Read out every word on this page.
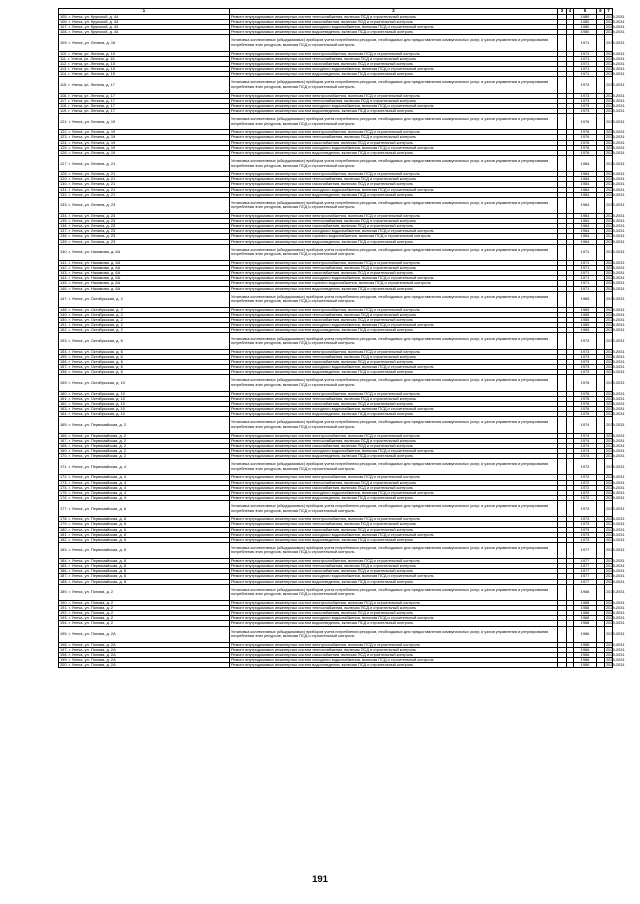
1	2	3	4	5	6	7
105. г. Унеча, ул. Крупской, д. 44	Ремонт внутридомовых инженерных систем теплоснабжения, включая ПСД и строительный контроль			1980		2029-2031
106. г. Унеча, ул. Крупской, д. 44	Ремонт внутридомовых инженерных систем газоснабжения, включая ПСД и строительный контроль			1980		2029-2031
107. г. Унеча, ул. Крупской, д. 44	Ремонт внутридомовых инженерных систем холодного водоснабжения, включая ПСД и строительный контроль			1980		2029-2031
108. г. Унеча, ул. Крупской, д. 44	Ремонт внутридомовых инженерных систем водоотведения, включая ПСД и строительный контроль			1980		2029-2031
109. г. Унеча, ул. Ленина, д. 15	Установка коллективных (общедомовых) приборов учета потребления ресурсов, необходимых для предоставления коммунальных услуг, и узлов управления и регулирования потребления этих ресурсов, включая ПСД и строительный контроль			1971		2029-2031
110. г. Унеча, ул. Ленина, д. 15	Ремонт внутридомовых инженерных систем электроснабжения, включая ПСД и строительный контроль			1971		2029-2031
111. г. Унеча, ул. Ленина, д. 15	Ремонт внутридомовых инженерных систем теплоснабжения, включая ПСД и строительный контроль			1971		2029-2031
112. г. Унеча, ул. Ленина, д. 15	Ремонт внутридомовых инженерных систем газоснабжения, включая ПСД и строительный контроль			1971		2029-2031
113. г. Унеча, ул. Ленина, д. 15	Ремонт внутридомовых инженерных систем холодного водоснабжения, включая ПСД и строительный контроль			1971		2029-2031
114. г. Унеча, ул. Ленина, д. 15	Ремонт внутридомовых инженерных систем водоотведения, включая ПСД и строительный контроль			1971		2029-2031
115. г. Унеча, ул. Ленина, д. 17	Установка коллективных (общедомовых) приборов учета потребления ресурсов, необходимых для предоставления коммунальных услуг, и узлов управления и регулирования потребления этих ресурсов, включая ПСД и строительный контроль			1973		2029-2031
116. г. Унеча, ул. Ленина, д. 17	Ремонт внутридомовых инженерных систем электроснабжения, включая ПСД и строительный контроль			1973		2029-2031
117. г. Унеча, ул. Ленина, д. 17	Ремонт внутридомовых инженерных систем теплоснабжения, включая ПСД и строительный контроль			1973		2029-2031
118. г. Унеча, ул. Ленина, д. 17	Ремонт внутридомовых инженерных систем холодного водоснабжения, включая ПСД и строительный контроль			1973		2029-2031
119. г. Унеча, ул. Ленина, д. 17	Ремонт внутридомовых инженерных систем водоотведения, включая ПСД и строительный контроль			1973		2029-2031
121. г. Унеча, ул. Ленина, д. 19	Установка коллективных (общедомовых) приборов учета потребления ресурсов, необходимых для предоставления коммунальных услуг, и узлов управления и регулирования потребления этих ресурсов, включая ПСД и строительный контроль			1976		2029-2031
122. г. Унеча, ул. Ленина, д. 19	Ремонт внутридомовых инженерных систем электроснабжения, включая ПСД и строительный контроль			1976		2029-2031
123. г. Унеча, ул. Ленина, д. 19	Ремонт внутридомовых инженерных систем теплоснабжения, включая ПСД и строительный контроль			1976		2029-2031
124. г. Унеча, ул. Ленина, д. 19	Ремонт внутридомовых инженерных систем газоснабжения, включая ПСД и строительный контроль			1976		2029-2031
125. г. Унеча, ул. Ленина, д. 19	Ремонт внутридомовых инженерных систем холодного водоснабжения, включая ПСД и строительный контроль			1976		2029-2031
126. г. Унеча, ул. Ленина, д. 19	Ремонт внутридомовых инженерных систем водоотведения, включая ПСД и строительный контроль			1976		2029-2031
127. г. Унеча, ул. Ленина, д. 21	Установка коллективных (общедомовых) приборов учета потребления ресурсов, необходимых для предоставления коммунальных услуг, и узлов управления и регулирования потребления этих ресурсов, включая ПСД и строительный контроль			1984		2029-2031
128. г. Унеча, ул. Ленина, д. 21	Ремонт внутридомовых инженерных систем электроснабжения, включая ПСД и строительный контроль			1984		2029-2031
129. г. Унеча, ул. Ленина, д. 21	Ремонт внутридомовых инженерных систем теплоснабжения, включая ПСД и строительный контроль			1984		2029-2031
130. г. Унеча, ул. Ленина, д. 21	Ремонт внутридомовых инженерных систем газоснабжения, включая ПСД и строительный контроль			1984		2029-2031
131. г. Унеча, ул. Ленина, д. 21	Ремонт внутридомовых инженерных систем холодного водоснабжения, включая ПСД и строительный контроль			1984		2029-2031
132. г. Унеча, ул. Ленина, д. 21	Ремонт внутридомовых инженерных систем водоотведения, включая ПСД и строительный контроль			1984		2029-2031
133. г. Унеча, ул. Ленина, д. 23	Установка коллективных (общедомовых) приборов учета потребления ресурсов, необходимых для предоставления коммунальных услуг, и узлов управления и регулирования потребления этих ресурсов, включая ПСД и строительный контроль			1964		2029-2031
134. г. Унеча, ул. Ленина, д. 23	Ремонт внутридомовых инженерных систем электроснабжения, включая ПСД и строительный контроль			1964		2029-2031
135. г. Унеча, ул. Ленина, д. 23	Ремонт внутридомовых инженерных систем теплоснабжения, включая ПСД и строительный контроль			1964		2029-2031
136. г. Унеча, ул. Ленина, д. 23	Ремонт внутридомовых инженерных систем газоснабжения, включая ПСД и строительный контроль			1964		2029-2031
137. г. Унеча, ул. Ленина, д. 23	Ремонт внутридомовых инженерных систем холодного водоснабжения, включая ПСД и строительный контроль			1964		2029-2031
138. г. Унеча, ул. Ленина, д. 23	Ремонт внутридомовых инженерных систем горячего водоснабжения, включая ПСД и строительный контроль			1964		2029-2031
139. г. Унеча, ул. Ленина, д. 23	Ремонт внутридомовых инженерных систем водоотведения, включая ПСД и строительный контроль			1964		2029-2031
140. г. Унеча, ул. Назимова, д. 6А	Установка коллективных (общедомовых) приборов учета потребления ресурсов, необходимых для предоставления коммунальных услуг, и узлов управления и регулирования потребления этих ресурсов, включая ПСД и строительный контроль			1971		2029-2031
141. г. Унеча, ул. Назимова, д. 6А	Ремонт внутридомовых инженерных систем электроснабжения, включая ПСД и строительный контроль			1971		2029-2031
142. г. Унеча, ул. Назимова, д. 6А	Ремонт внутридомовых инженерных систем теплоснабжения, включая ПСД и строительный контроль			1971		2029-2031
143. г. Унеча, ул. Назимова, д. 6А	Ремонт внутридомовых инженерных систем газоснабжения, включая ПСД и строительный контроль			1971		2029-2031
144. г. Унеча, ул. Назимова, д. 6А	Ремонт внутридомовых инженерных систем холодного водоснабжения, включая ПСД и строительный контроль			1971		2029-2031
145. г. Унеча, ул. Назимова, д. 6А	Ремонт внутридомовых инженерных систем горячего водоснабжения, включая ПСД и строительный контроль			1971		2029-2031
146. г. Унеча, ул. Назимова, д. 6А	Ремонт внутридомовых инженерных систем водоотведения, включая ПСД и строительный контроль			1971		2029-2031
147. г. Унеча, ул. Октябрьская, д. 2	Установка коллективных (общедомовых) приборов учета потребления ресурсов, необходимых для предоставления коммунальных услуг, и узлов управления и регулирования потребления этих ресурсов, включая ПСД и строительный контроль			1965		2029-2031
148. г. Унеча, ул. Октябрьская, д. 2	Ремонт внутридомовых инженерных систем электроснабжения, включая ПСД и строительный контроль			1965		2029-2031
149. г. Унеча, ул. Октябрьская, д. 2	Ремонт внутридомовых инженерных систем теплоснабжения, включая ПСД и строительный контроль			1965		2029-2031
150. г. Унеча, ул. Октябрьская, д. 2	Ремонт внутридомовых инженерных систем газоснабжения, включая ПСД и строительный контроль			1965		2029-2031
151. г. Унеча, ул. Октябрьская, д. 2	Ремонт внутридомовых инженерных систем холодного водоснабжения, включая ПСД и строительный контроль			1965		2029-2031
152. г. Унеча, ул. Октябрьская, д. 2	Ремонт внутридомовых инженерных систем водоотведения, включая ПСД и строительный контроль			1965		2029-2031
153. г. Унеча, ул. Октябрьская, д. 6	Установка коллективных (общедомовых) приборов учета потребления ресурсов, необходимых для предоставления коммунальных услуг, и узлов управления и регулирования потребления этих ресурсов, включая ПСД и строительный контроль			1973		2029-2031
154. г. Унеча, ул. Октябрьская, д. 6	Ремонт внутридомовых инженерных систем электроснабжения, включая ПСД и строительный контроль			1973		2029-2031
155. г. Унеча, ул. Октябрьская, д. 6	Ремонт внутридомовых инженерных систем теплоснабжения, включая ПСД и строительный контроль			1973		2029-2031
156. г. Унеча, ул. Октябрьская, д. 6	Ремонт внутридомовых инженерных систем газоснабжения, включая ПСД и строительный контроль			1973		2029-2031
157. г. Унеча, ул. Октябрьская, д. 6	Ремонт внутридомовых инженерных систем холодного водоснабжения, включая ПСД и строительный контроль			1973		2029-2031
158. г. Унеча, ул. Октябрьская, д. 6	Ремонт внутридомовых инженерных систем водоотведения, включая ПСД и строительный контроль			1973		2029-2031
159. г. Унеча, ул. Октябрьская, д. 10	Установка коллективных (общедомовых) приборов учета потребления ресурсов, необходимых для предоставления коммунальных услуг, и узлов управления и регулирования потребления этих ресурсов, включая ПСД и строительный контроль			1976		2029-2031
160. г. Унеча, ул. Октябрьская, д. 10	Ремонт внутридомовых инженерных систем электроснабжения, включая ПСД и строительный контроль			1976		2029-2031
161. г. Унеча, ул. Октябрьская, д. 10	Ремонт внутридомовых инженерных систем теплоснабжения, включая ПСД и строительный контроль			1976		2029-2031
162. г. Унеча, ул. Октябрьская, д. 10	Ремонт внутридомовых инженерных систем газоснабжения, включая ПСД и строительный контроль			1976		2029-2031
163. г. Унеча, ул. Октябрьская, д. 10	Ремонт внутридомовых инженерных систем холодного водоснабжения, включая ПСД и строительный контроль			1976		2029-2031
164. г. Унеча, ул. Октябрьская, д. 10	Ремонт внутридомовых инженерных систем водоотведения, включая ПСД и строительный контроль			1976		2029-2031
165. г. Унеча, ул. Первомайская, д. 2	Установка коллективных (общедомовых) приборов учета потребления ресурсов, необходимых для предоставления коммунальных услуг, и узлов управления и регулирования потребления этих ресурсов, включая ПСД и строительный контроль			1974		2029-2031
166. г. Унеча, ул. Первомайская, д. 2	Ремонт внутридомовых инженерных систем электроснабжения, включая ПСД и строительный контроль			1974		2029-2031
167. г. Унеча, ул. Первомайская, д. 2	Ремонт внутридомовых инженерных систем теплоснабжения, включая ПСД и строительный контроль			1974		2029-2031
168. г. Унеча, ул. Первомайская, д. 2	Ремонт внутридомовых инженерных систем газоснабжения, включая ПСД и строительный контроль			1974		2029-2031
169. г. Унеча, ул. Первомайская, д. 2	Ремонт внутридомовых инженерных систем холодного водоснабжения, включая ПСД и строительный контроль			1974		2029-2031
170. г. Унеча, ул. Первомайская, д. 2	Ремонт внутридомовых инженерных систем водоотведения, включая ПСД и строительный контроль			1974		2029-2031
171. г. Унеча, ул. Первомайская, д. 4	Установка коллективных (общедомовых) приборов учета потребления ресурсов, необходимых для предоставления коммунальных услуг, и узлов управления и регулирования потребления этих ресурсов, включая ПСД и строительный контроль			1972		2029-2031
172. г. Унеча, ул. Первомайская, д. 4	Ремонт внутридомовых инженерных систем электроснабжения, включая ПСД и строительный контроль			1972		2029-2031
173. г. Унеча, ул. Первомайская, д. 4	Ремонт внутридомовых инженерных систем теплоснабжения, включая ПСД и строительный контроль			1972		2029-2031
174. г. Унеча, ул. Первомайская, д. 4	Ремонт внутридомовых инженерных систем газоснабжения, включая ПСД и строительный контроль			1972		2029-2031
175. г. Унеча, ул. Первомайская, д. 4	Ремонт внутридомовых инженерных систем холодного водоснабжения, включая ПСД и строительный контроль			1972		2029-2031
176. г. Унеча, ул. Первомайская, д. 4	Ремонт внутридомовых инженерных систем водоотведения, включая ПСД и строительный контроль			1972		2029-2031
177. г. Унеча, ул. Первомайская, д. 6	Установка коллективных (общедомовых) приборов учета потребления ресурсов, необходимых для предоставления коммунальных услуг, и узлов управления и регулирования потребления этих ресурсов, включая ПСД и строительный контроль			1973		2029-2031
178. г. Унеча, ул. Первомайская, д. 6	Ремонт внутридомовых инженерных систем электроснабжения, включая ПСД и строительный контроль			1973		2029-2031
179. г. Унеча, ул. Первомайская, д. 6	Ремонт внутридомовых инженерных систем теплоснабжения, включая ПСД и строительный контроль			1973		2029-2031
180. г. Унеча, ул. Первомайская, д. 6	Ремонт внутридомовых инженерных систем газоснабжения, включая ПСД и строительный контроль			1973		2029-2031
181. г. Унеча, ул. Первомайская, д. 6	Ремонт внутридомовых инженерных систем холодного водоснабжения, включая ПСД и строительный контроль			1973		2029-2031
182. г. Унеча, ул. Первомайская, д. 6	Ремонт внутридомовых инженерных систем водоотведения, включая ПСД и строительный контроль			1973		2029-2031
183. г. Унеча, ул. Первомайская, д. 8	Установка коллективных (общедомовых) приборов учета потребления ресурсов, необходимых для предоставления коммунальных услуг, и узлов управления и регулирования потребления этих ресурсов, включая ПСД и строительный контроль			1977		2029-2031
184. г. Унеча, ул. Первомайская, д. 8	Ремонт внутридомовых инженерных систем электроснабжения, включая ПСД и строительный контроль			1977		2029-2031
185. г. Унеча, ул. Первомайская, д. 8	Ремонт внутридомовых инженерных систем теплоснабжения, включая ПСД и строительный контроль			1977		2029-2031
186. г. Унеча, ул. Первомайская, д. 8	Ремонт внутридомовых инженерных систем газоснабжения, включая ПСД и строительный контроль			1977		2029-2031
187. г. Унеча, ул. Первомайская, д. 8	Ремонт внутридомовых инженерных систем холодного водоснабжения, включая ПСД и строительный контроль			1977		2029-2031
188. г. Унеча, ул. Первомайская, д. 8	Ремонт внутридомовых инженерных систем водоотведения, включая ПСД и строительный контроль			1977		2029-2031
189. г. Унеча, ул. Попова, д. 2	Установка коллективных (общедомовых) приборов учета потребления ресурсов, необходимых для предоставления коммунальных услуг, и узлов управления и регулирования потребления этих ресурсов, включая ПСД и строительный контроль			1968		2029-2031
190. г. Унеча, ул. Попова, д. 2	Ремонт внутридомовых инженерных систем электроснабжения, включая ПСД и строительный контроль			1968		2029-2031
191. г. Унеча, ул. Попова, д. 2	Ремонт внутридомовых инженерных систем теплоснабжения, включая ПСД и строительный контроль			1968		2029-2031
192. г. Унеча, ул. Попова, д. 2	Ремонт внутридомовых инженерных систем газоснабжения, включая ПСД и строительный контроль			1968		2029-2031
193. г. Унеча, ул. Попова, д. 2	Ремонт внутридомовых инженерных систем холодного водоснабжения, включая ПСД и строительный контроль			1968		2029-2031
194. г. Унеча, ул. Попова, д. 2	Ремонт внутридомовых инженерных систем водоотведения, включая ПСД и строительный контроль			1968		2029-2031
195. г. Унеча, ул. Попова, д. 2А	Установка коллективных (общедомовых) приборов учета потребления ресурсов, необходимых для предоставления коммунальных услуг, и узлов управления и регулирования потребления этих ресурсов, включая ПСД и строительный контроль			1966		2029-2031
196. г. Унеча, ул. Попова, д. 2А	Ремонт внутридомовых инженерных систем электроснабжения, включая ПСД и строительный контроль			1966		2029-2031
197. г. Унеча, ул. Попова, д. 2А	Ремонт внутридомовых инженерных систем теплоснабжения, включая ПСД и строительный контроль			1966		2029-2031
198. г. Унеча, ул. Попова, д. 2А	Ремонт внутридомовых инженерных систем газоснабжения, включая ПСД и строительный контроль			1966		2029-2031
199. г. Унеча, ул. Попова, д. 2А	Ремонт внутридомовых инженерных систем холодного водоснабжения, включая ПСД и строительный контроль			1966		2029-2031
200. г. Унеча, ул. Попова, д. 2А	Ремонт внутридомовых инженерных систем водоотведения, включая ПСД и строительный контроль			1966		2029-2031
191
